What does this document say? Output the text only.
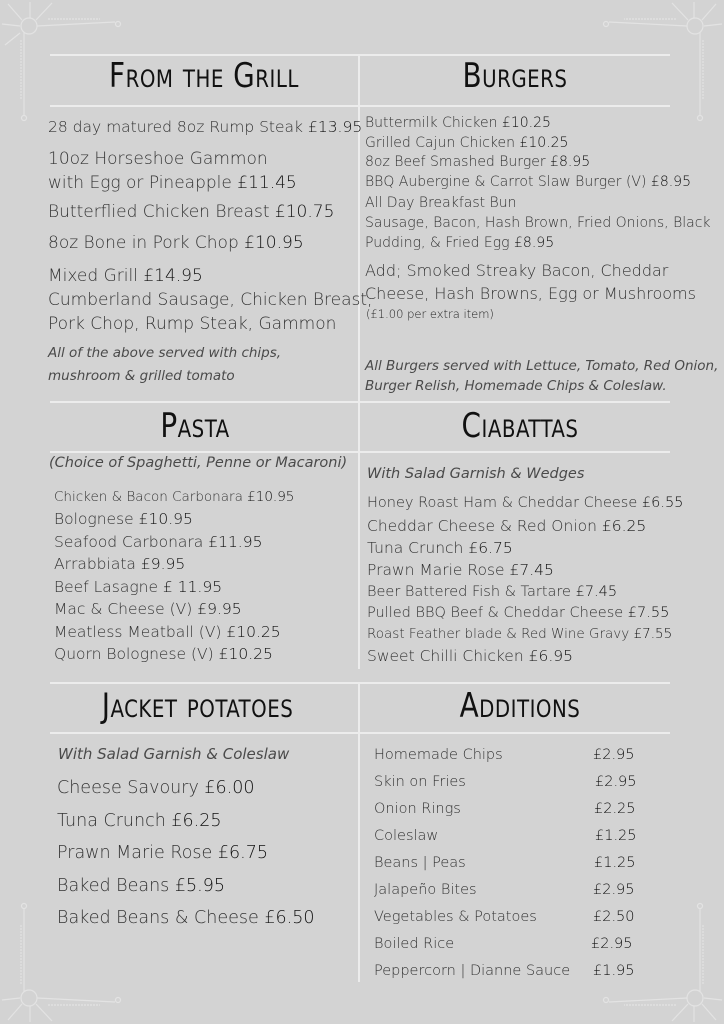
From the Grill
28 day matured 8oz Rump Steak £13.95
10oz Horseshoe Gammon
with Egg or Pineapple £11.45
Butterflied Chicken Breast £10.75
8oz Bone in Pork Chop £10.95
Mixed Grill £14.95
Cumberland Sausage, Chicken Breast,
Pork Chop, Rump Steak, Gammon
All of the above served with chips,
mushroom & grilled tomato
Burgers
Buttermilk Chicken £10.25
Grilled Cajun Chicken £10.25
8oz Beef Smashed Burger £8.95
BBQ Aubergine & Carrot Slaw Burger (V) £8.95
All Day Breakfast Bun
Sausage, Bacon, Hash Brown, Fried Onions, Black
Pudding, & Fried Egg £8.95
Add; Smoked Streaky Bacon, Cheddar
Cheese, Hash Browns, Egg or Mushrooms
(£1.00 per extra item)
All Burgers served with Lettuce, Tomato, Red Onion,
Burger Relish, Homemade Chips & Coleslaw.
Pasta
(Choice of Spaghetti, Penne or Macaroni)
Chicken & Bacon Carbonara £10.95
Bolognese £10.95
Seafood Carbonara £11.95
Arrabbiata £9.95
Beef Lasagne £ 11.95
Mac & Cheese (V) £9.95
Meatless Meatball (V) £10.25
Quorn Bolognese (V) £10.25
Ciabattas
With Salad Garnish & Wedges
Honey Roast Ham & Cheddar Cheese £6.55
Cheddar Cheese & Red Onion £6.25
Tuna Crunch £6.75
Prawn Marie Rose £7.45
Beer Battered Fish & Tartare £7.45
Pulled BBQ Beef & Cheddar Cheese £7.55
Roast Feather blade & Red Wine Gravy £7.55
Sweet Chilli Chicken £6.95
Jacket potatoes
With Salad Garnish & Coleslaw
Cheese Savoury £6.00
Tuna Crunch £6.25
Prawn Marie Rose £6.75
Baked Beans £5.95
Baked Beans & Cheese £6.50
Additions
Homemade Chips	£2.95
Skin on Fries	£2.95
Onion Rings	£2.25
Coleslaw	£1.25
Beans | Peas	£1.25
Jalapeño Bites	£2.95
Vegetables & Potatoes	£2.50
Boiled Rice	£2.95
Peppercorn | Dianne Sauce £1.95
